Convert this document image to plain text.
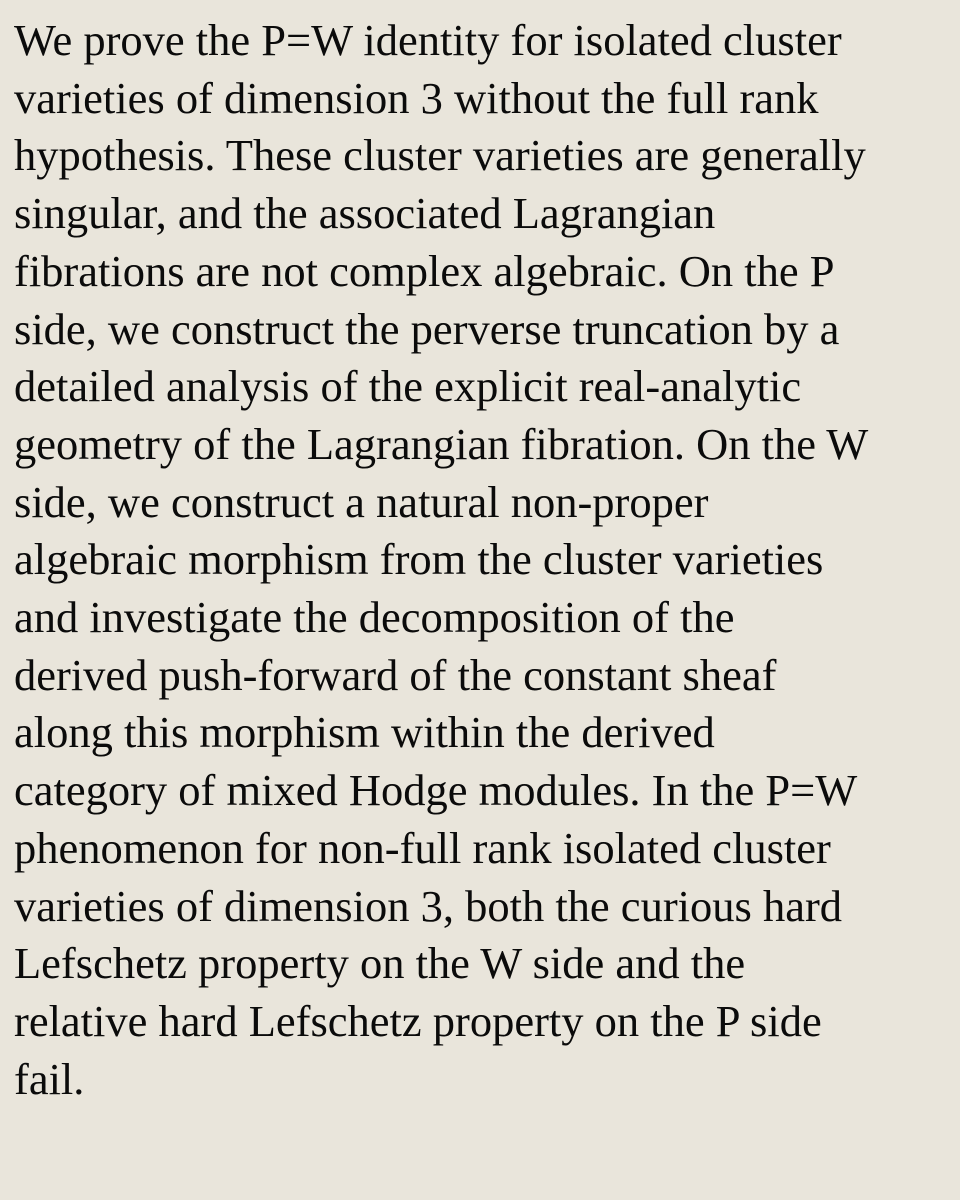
We prove the P=W identity for isolated cluster
varieties of dimension 3 without the full rank
hypothesis. These cluster varieties are generally
singular, and the associated Lagrangian
fibrations are not complex algebraic. On the P
side, we construct the perverse truncation by a
detailed analysis of the explicit real-analytic
geometry of the Lagrangian fibration. On the W
side, we construct a natural non-proper
algebraic morphism from the cluster varieties
and investigate the decomposition of the
derived push-forward of the constant sheaf
along this morphism within the derived
category of mixed Hodge modules. In the P=W
phenomenon for non-full rank isolated cluster
varieties of dimension 3, both the curious hard
Lefschetz property on the W side and the
relative hard Lefschetz property on the P side
fail.
